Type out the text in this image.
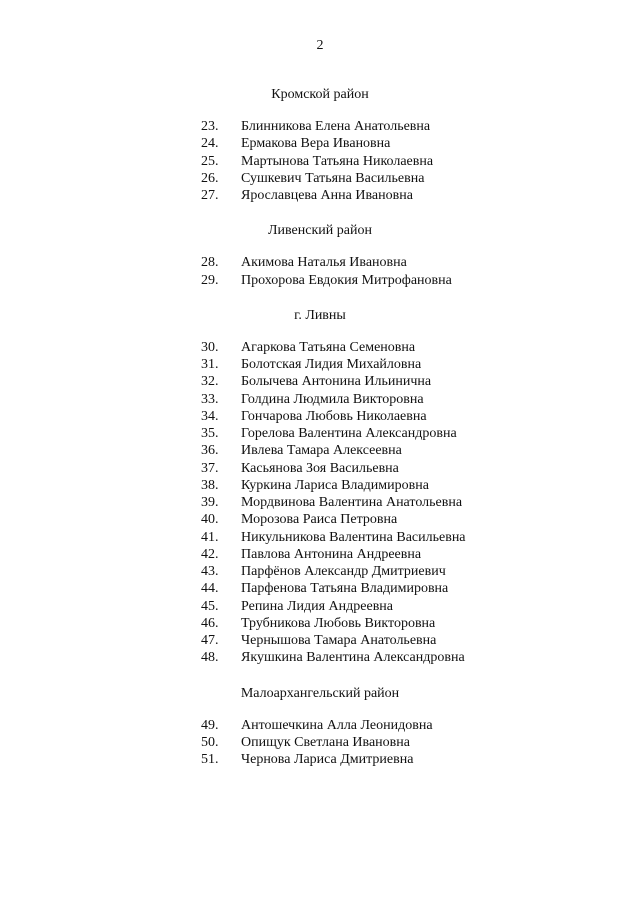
2

Кромской район

23. Блинникова Елена Анатольевна
24. Ермакова Вера Ивановна
25. Мартынова Татьяна Николаевна
26. Сушкевич Татьяна Васильевна
27. Ярославцева Анна Ивановна

Ливенский район

28. Акимова Наталья Ивановна
29. Прохорова Евдокия Митрофановна

г. Ливны

30. Агаркова Татьяна Семеновна
31. Болотская Лидия Михайловна
32. Болычева Антонина Ильинична
33. Голдина Людмила Викторовна
34. Гончарова Любовь Николаевна
35. Горелова Валентина Александровна
36. Ивлева Тамара Алексеевна
37. Касьянова Зоя Васильевна
38. Куркина Лариса Владимировна
39. Мордвинова Валентина Анатольевна
40. Морозова Раиса Петровна
41. Никульникова Валентина Васильевна
42. Павлова Антонина Андреевна
43. Парфёнов Александр Дмитриевич
44. Парфенова Татьяна Владимировна
45. Репина Лидия Андреевна
46. Трубникова Любовь Викторовна
47. Чернышова Тамара Анатольевна
48. Якушкина Валентина Александровна

Малоархангельский район

49. Антошечкина Алла Леонидовна
50. Опищук Светлана Ивановна
51. Чернова Лариса Дмитриевна
